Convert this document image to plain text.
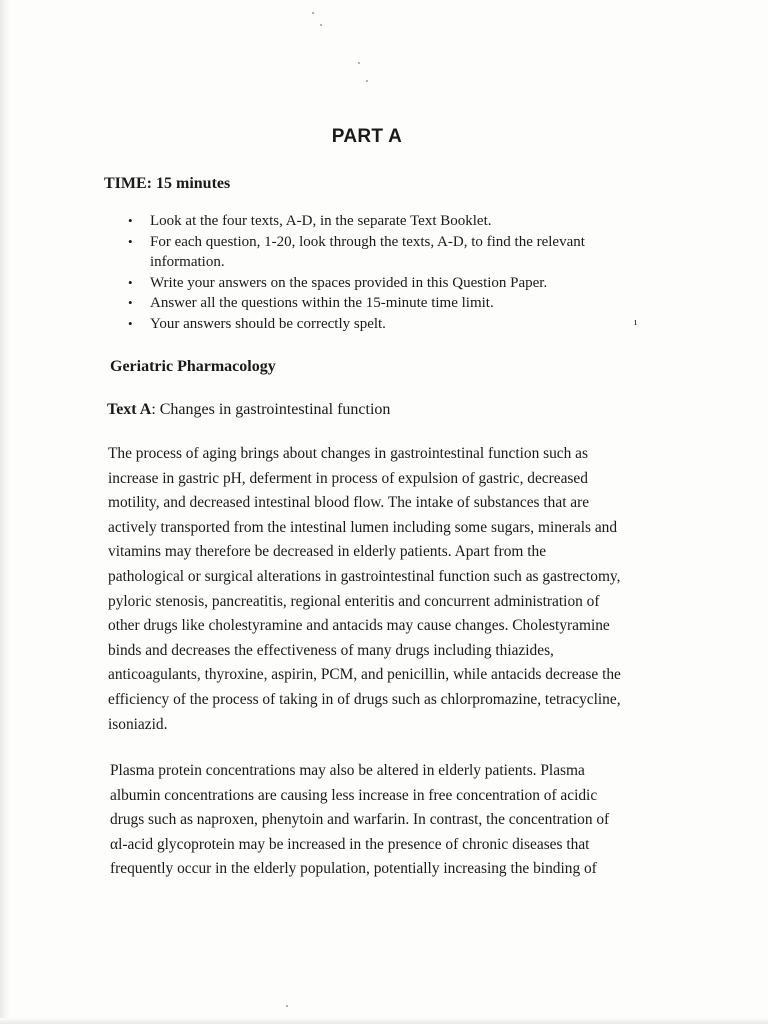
PART A
TIME: 15 minutes
• Look at the four texts, A-D, in the separate Text Booklet.
• For each question, 1-20, look through the texts, A-D, to find the relevant
information.
• Write your answers on the spaces provided in this Question Paper.
• Answer all the questions within the 15-minute time limit.
• Your answers should be correctly spelt.	ı
Geriatric Pharmacology
Text A: Changes in gastrointestinal function

The process of aging brings about changes in gastrointestinal function such as
increase in gastric pH, deferment in process of expulsion of gastric, decreased
motility, and decreased intestinal blood flow. The intake of substances that are
actively transported from the intestinal lumen including some sugars, minerals and
vitamins may therefore be decreased in elderly patients. Apart from the
pathological or surgical alterations in gastrointestinal function such as gastrectomy,
pyloric stenosis, pancreatitis, regional enteritis and concurrent administration of
other drugs like cholestyramine and antacids may cause changes. Cholestyramine
binds and decreases the effectiveness of many drugs including thiazides,
anticoagulants, thyroxine, aspirin, PCM, and penicillin, while antacids decrease the
efficiency of the process of taking in of drugs such as chlorpromazine, tetracycline,
isoniazid.

Plasma protein concentrations may also be altered in elderly patients. Plasma
albumin concentrations are causing less increase in free concentration of acidic
drugs such as naproxen, phenytoin and warfarin. In contrast, the concentration of
αl-acid glycoprotein may be increased in the presence of chronic diseases that
frequently occur in the elderly population, potentially increasing the binding of
